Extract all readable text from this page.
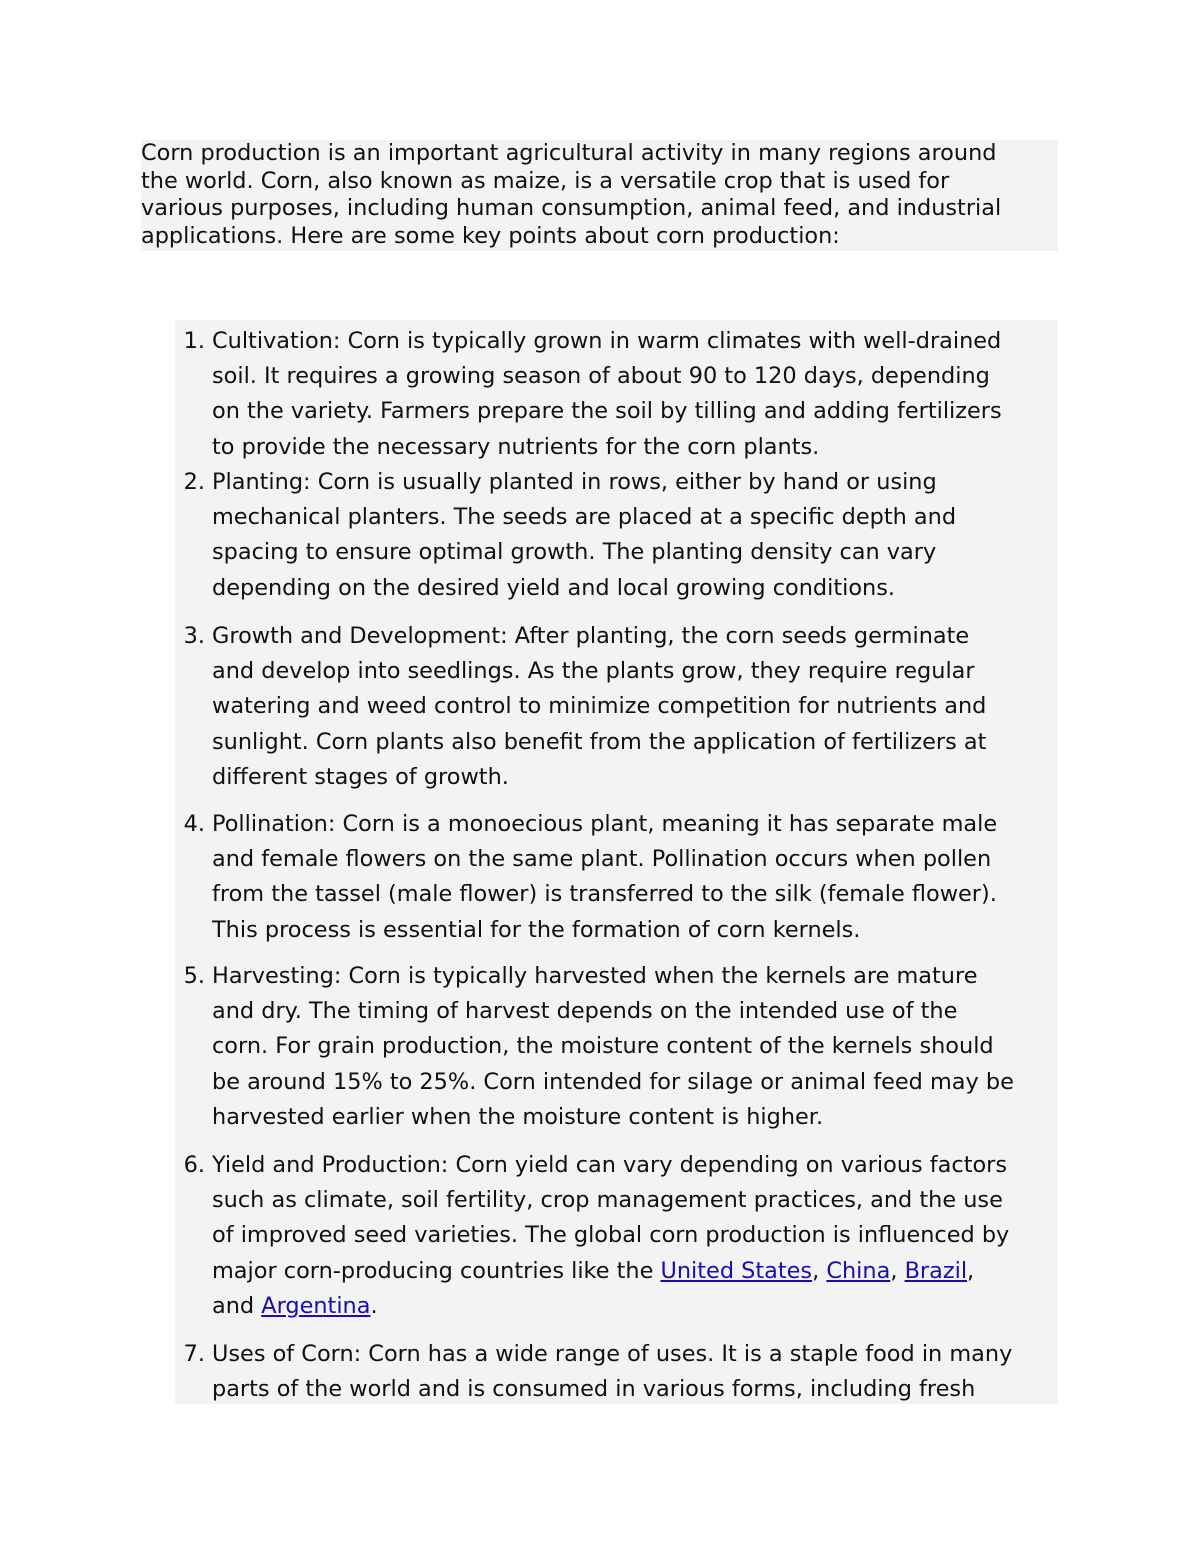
Corn production is an important agricultural activity in many regions around
the world. Corn, also known as maize, is a versatile crop that is used for
various purposes, including human consumption, animal feed, and industrial
applications. Here are some key points about corn production:
1. Cultivation: Corn is typically grown in warm climates with well-drained
soil. It requires a growing season of about 90 to 120 days, depending
on the variety. Farmers prepare the soil by tilling and adding fertilizers
to provide the necessary nutrients for the corn plants.
2. Planting: Corn is usually planted in rows, either by hand or using
mechanical planters. The seeds are placed at a specific depth and
spacing to ensure optimal growth. The planting density can vary
depending on the desired yield and local growing conditions.
3. Growth and Development: After planting, the corn seeds germinate
and develop into seedlings. As the plants grow, they require regular
watering and weed control to minimize competition for nutrients and
sunlight. Corn plants also benefit from the application of fertilizers at
different stages of growth.
4. Pollination: Corn is a monoecious plant, meaning it has separate male
and female flowers on the same plant. Pollination occurs when pollen
from the tassel (male flower) is transferred to the silk (female flower).
This process is essential for the formation of corn kernels.
5. Harvesting: Corn is typically harvested when the kernels are mature
and dry. The timing of harvest depends on the intended use of the
corn. For grain production, the moisture content of the kernels should
be around 15% to 25%. Corn intended for silage or animal feed may be
harvested earlier when the moisture content is higher.
6. Yield and Production: Corn yield can vary depending on various factors
such as climate, soil fertility, crop management practices, and the use
of improved seed varieties. The global corn production is influenced by
major corn-producing countries like the United States, China, Brazil,
and Argentina.
7. Uses of Corn: Corn has a wide range of uses. It is a staple food in many
parts of the world and is consumed in various forms, including fresh
